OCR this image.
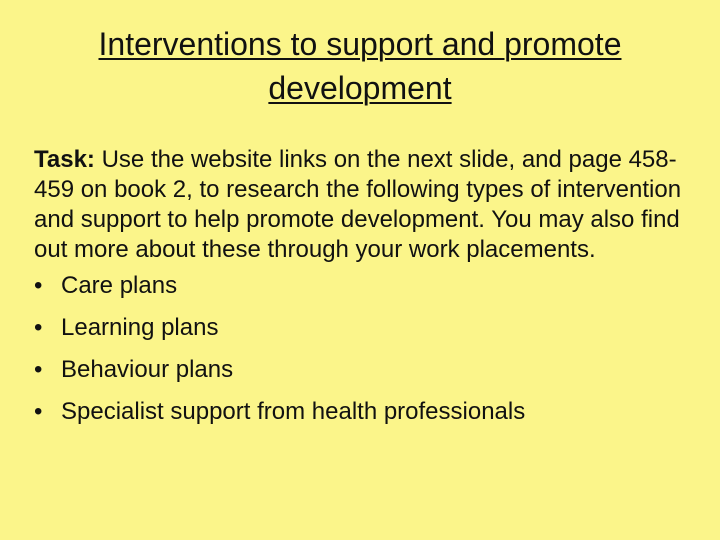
Interventions to support and promote
development

Task: Use the website links on the next slide, and page 458-459 on book 2, to research the following types of intervention and support to help promote development. You may also find out more about these through your work placements.

• Care plans
• Learning plans
• Behaviour plans
• Specialist support from health professionals
